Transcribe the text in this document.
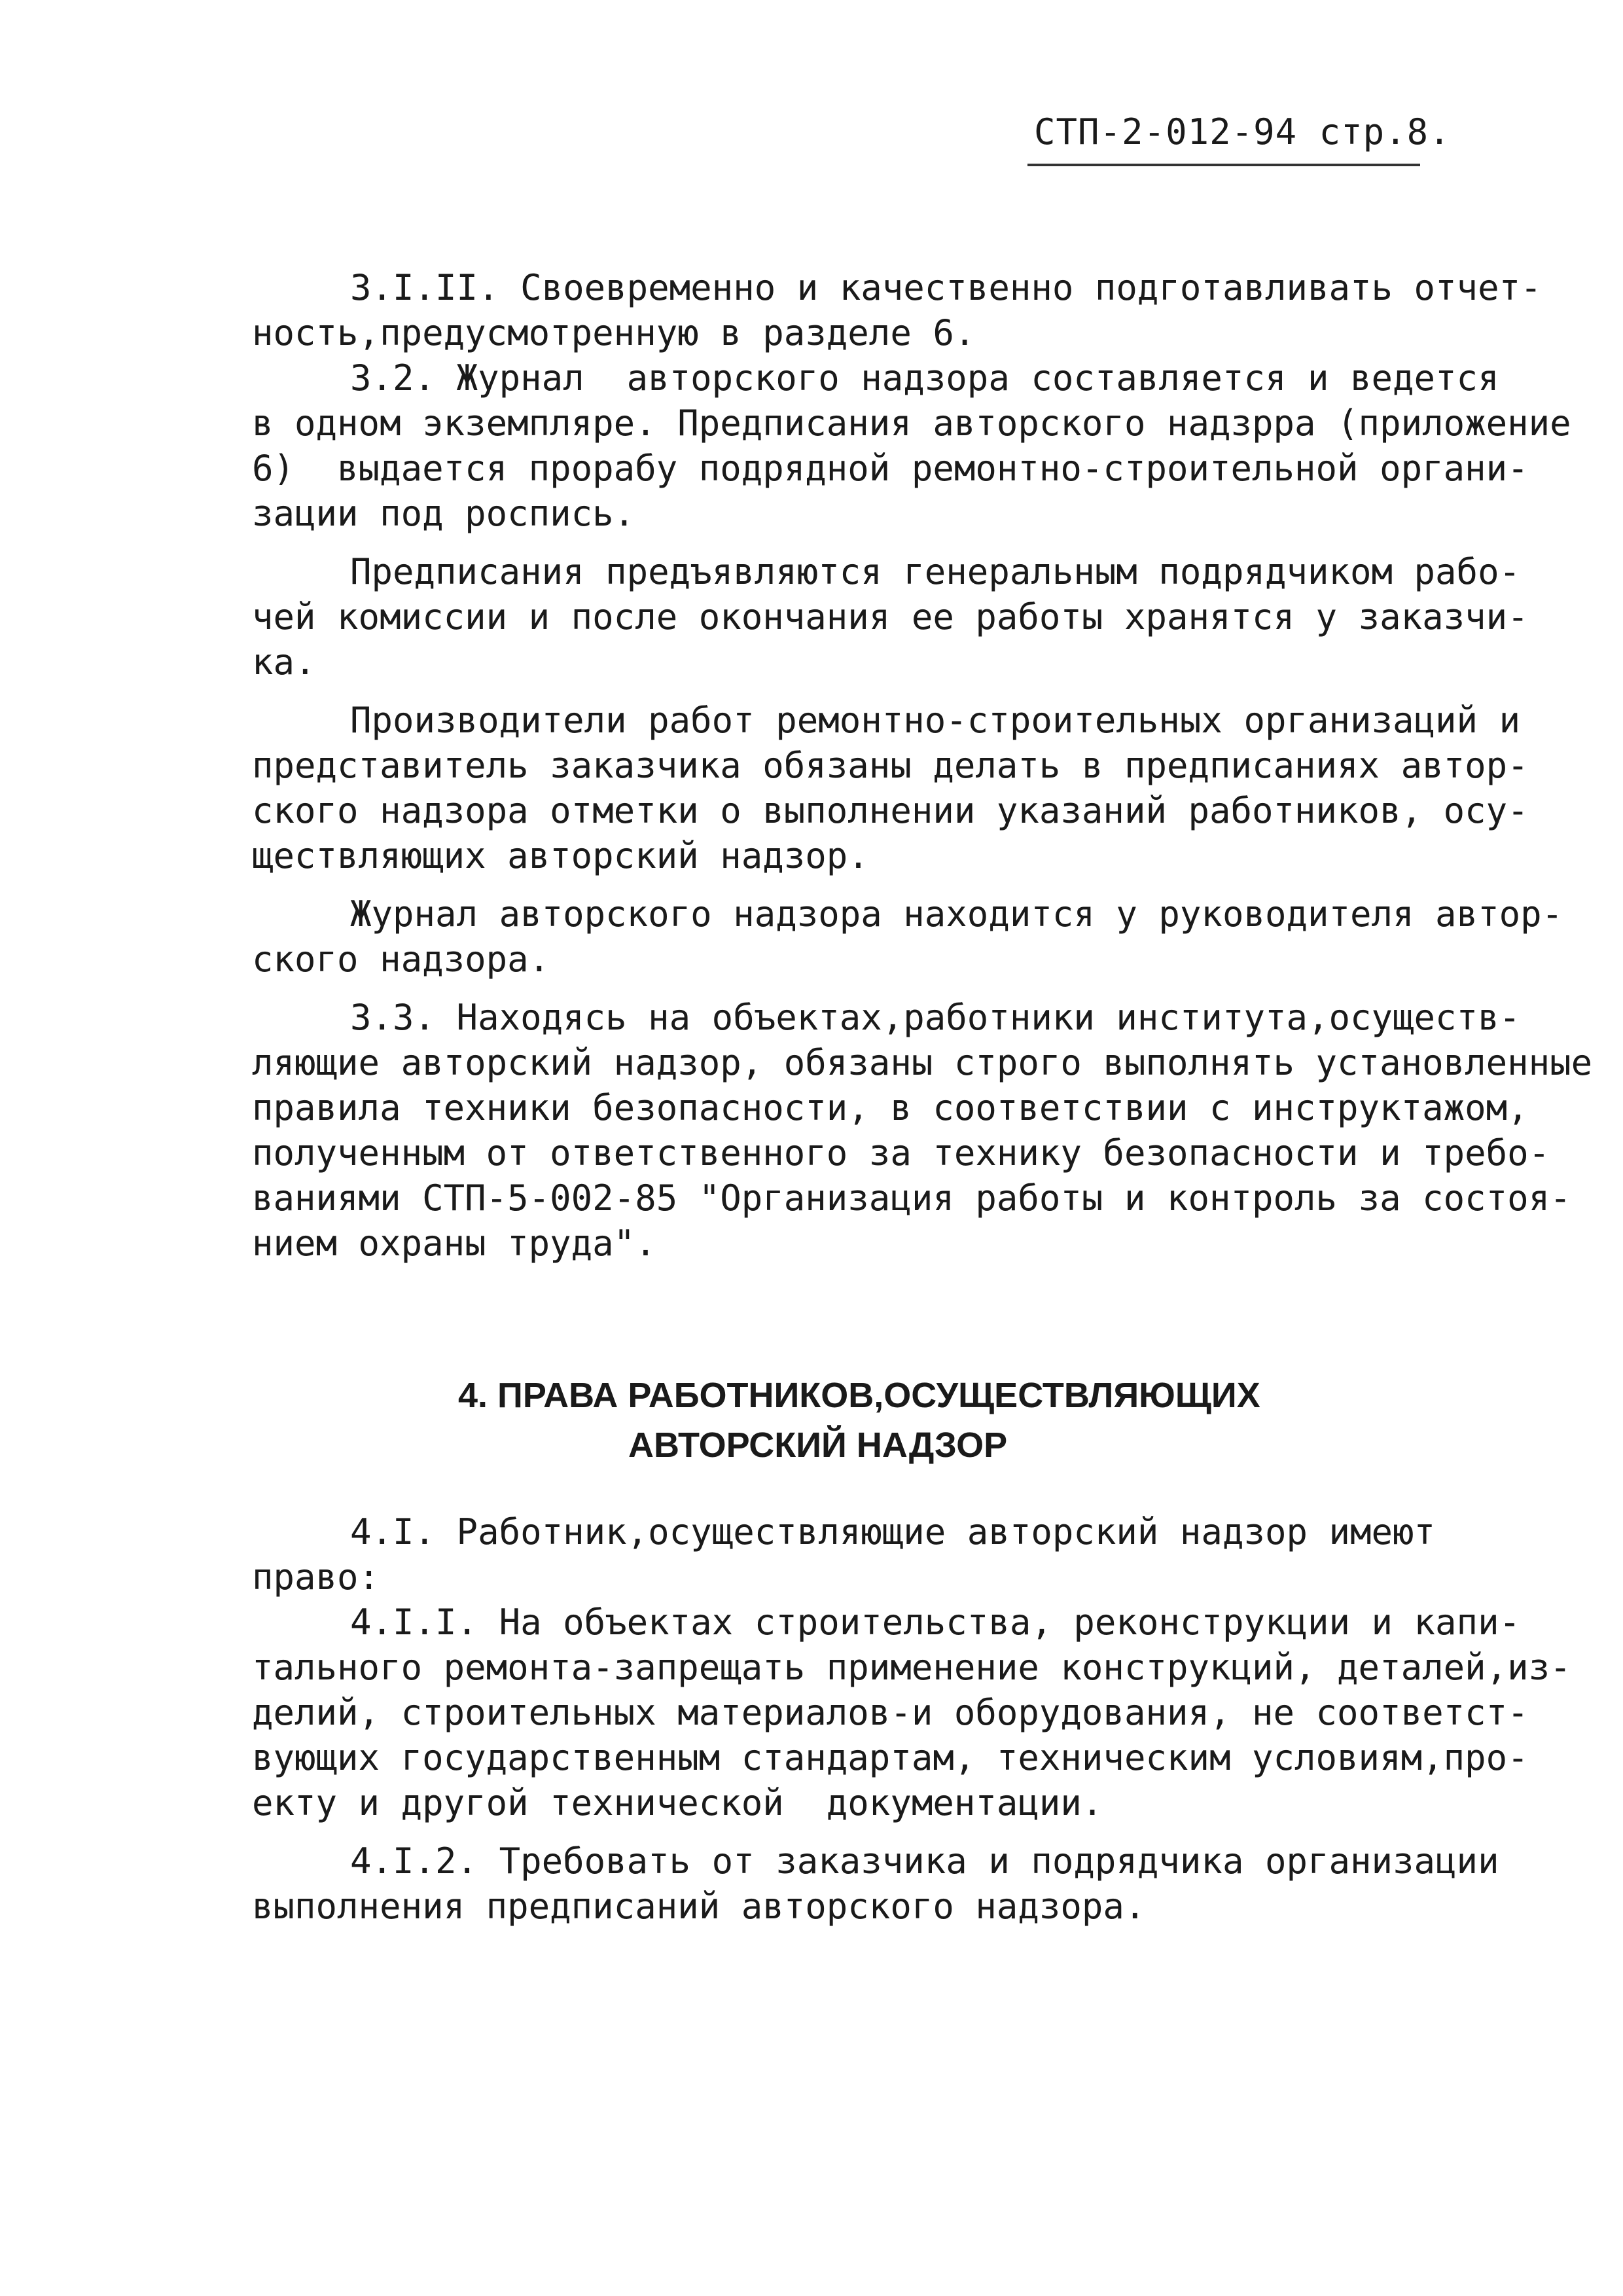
СТП-2-012-94 стр.8.
3.I.II. Своевременно и качественно подготавливать отчет-
ность,предусмотренную в разделе 6.
3.2. Журнал  авторского надзора составляется и ведется
в одном экземпляре. Предписания авторского надзрра (приложение
6)  выдается прорабу подрядной ремонтно-строительной органи-
зации под роспись.
Предписания предъявляются генеральным подрядчиком рабо-
чей комиссии и после окончания ее работы хранятся у заказчи-
ка.
Производители работ ремонтно-строительных организаций и
представитель заказчика обязаны делать в предписаниях автор-
ского надзора отметки о выполнении указаний работников, осу-
ществляющих авторский надзор.
Журнал авторского надзора находится у руководителя автор-
ского надзора.
3.3. Находясь на объектах,работники института,осуществ-
ляющие авторский надзор, обязаны строго выполнять установленные
правила техники безопасности, в соответствии с инструктажом,
полученным от ответственного за технику безопасности и требо-
ваниями СТП-5-002-85 "Организация работы и контроль за состоя-
нием охраны труда".
4. ПРАВА РАБОТНИКОВ,ОСУЩЕСТВЛЯЮЩИХ
АВТОРСКИЙ НАДЗОР
4.I. Работник,осуществляющие авторский надзор имеют
право:
4.I.I. На объектах строительства, реконструкции и капи-
тального ремонта-запрещать применение конструкций, деталей,из-
делий, строительных материалов-и оборудования, не соответст-
вующих государственным стандартам, техническим условиям,про-
екту и другой технической  документации.
4.I.2. Требовать от заказчика и подрядчика организации
выполнения предписаний авторского надзора.
